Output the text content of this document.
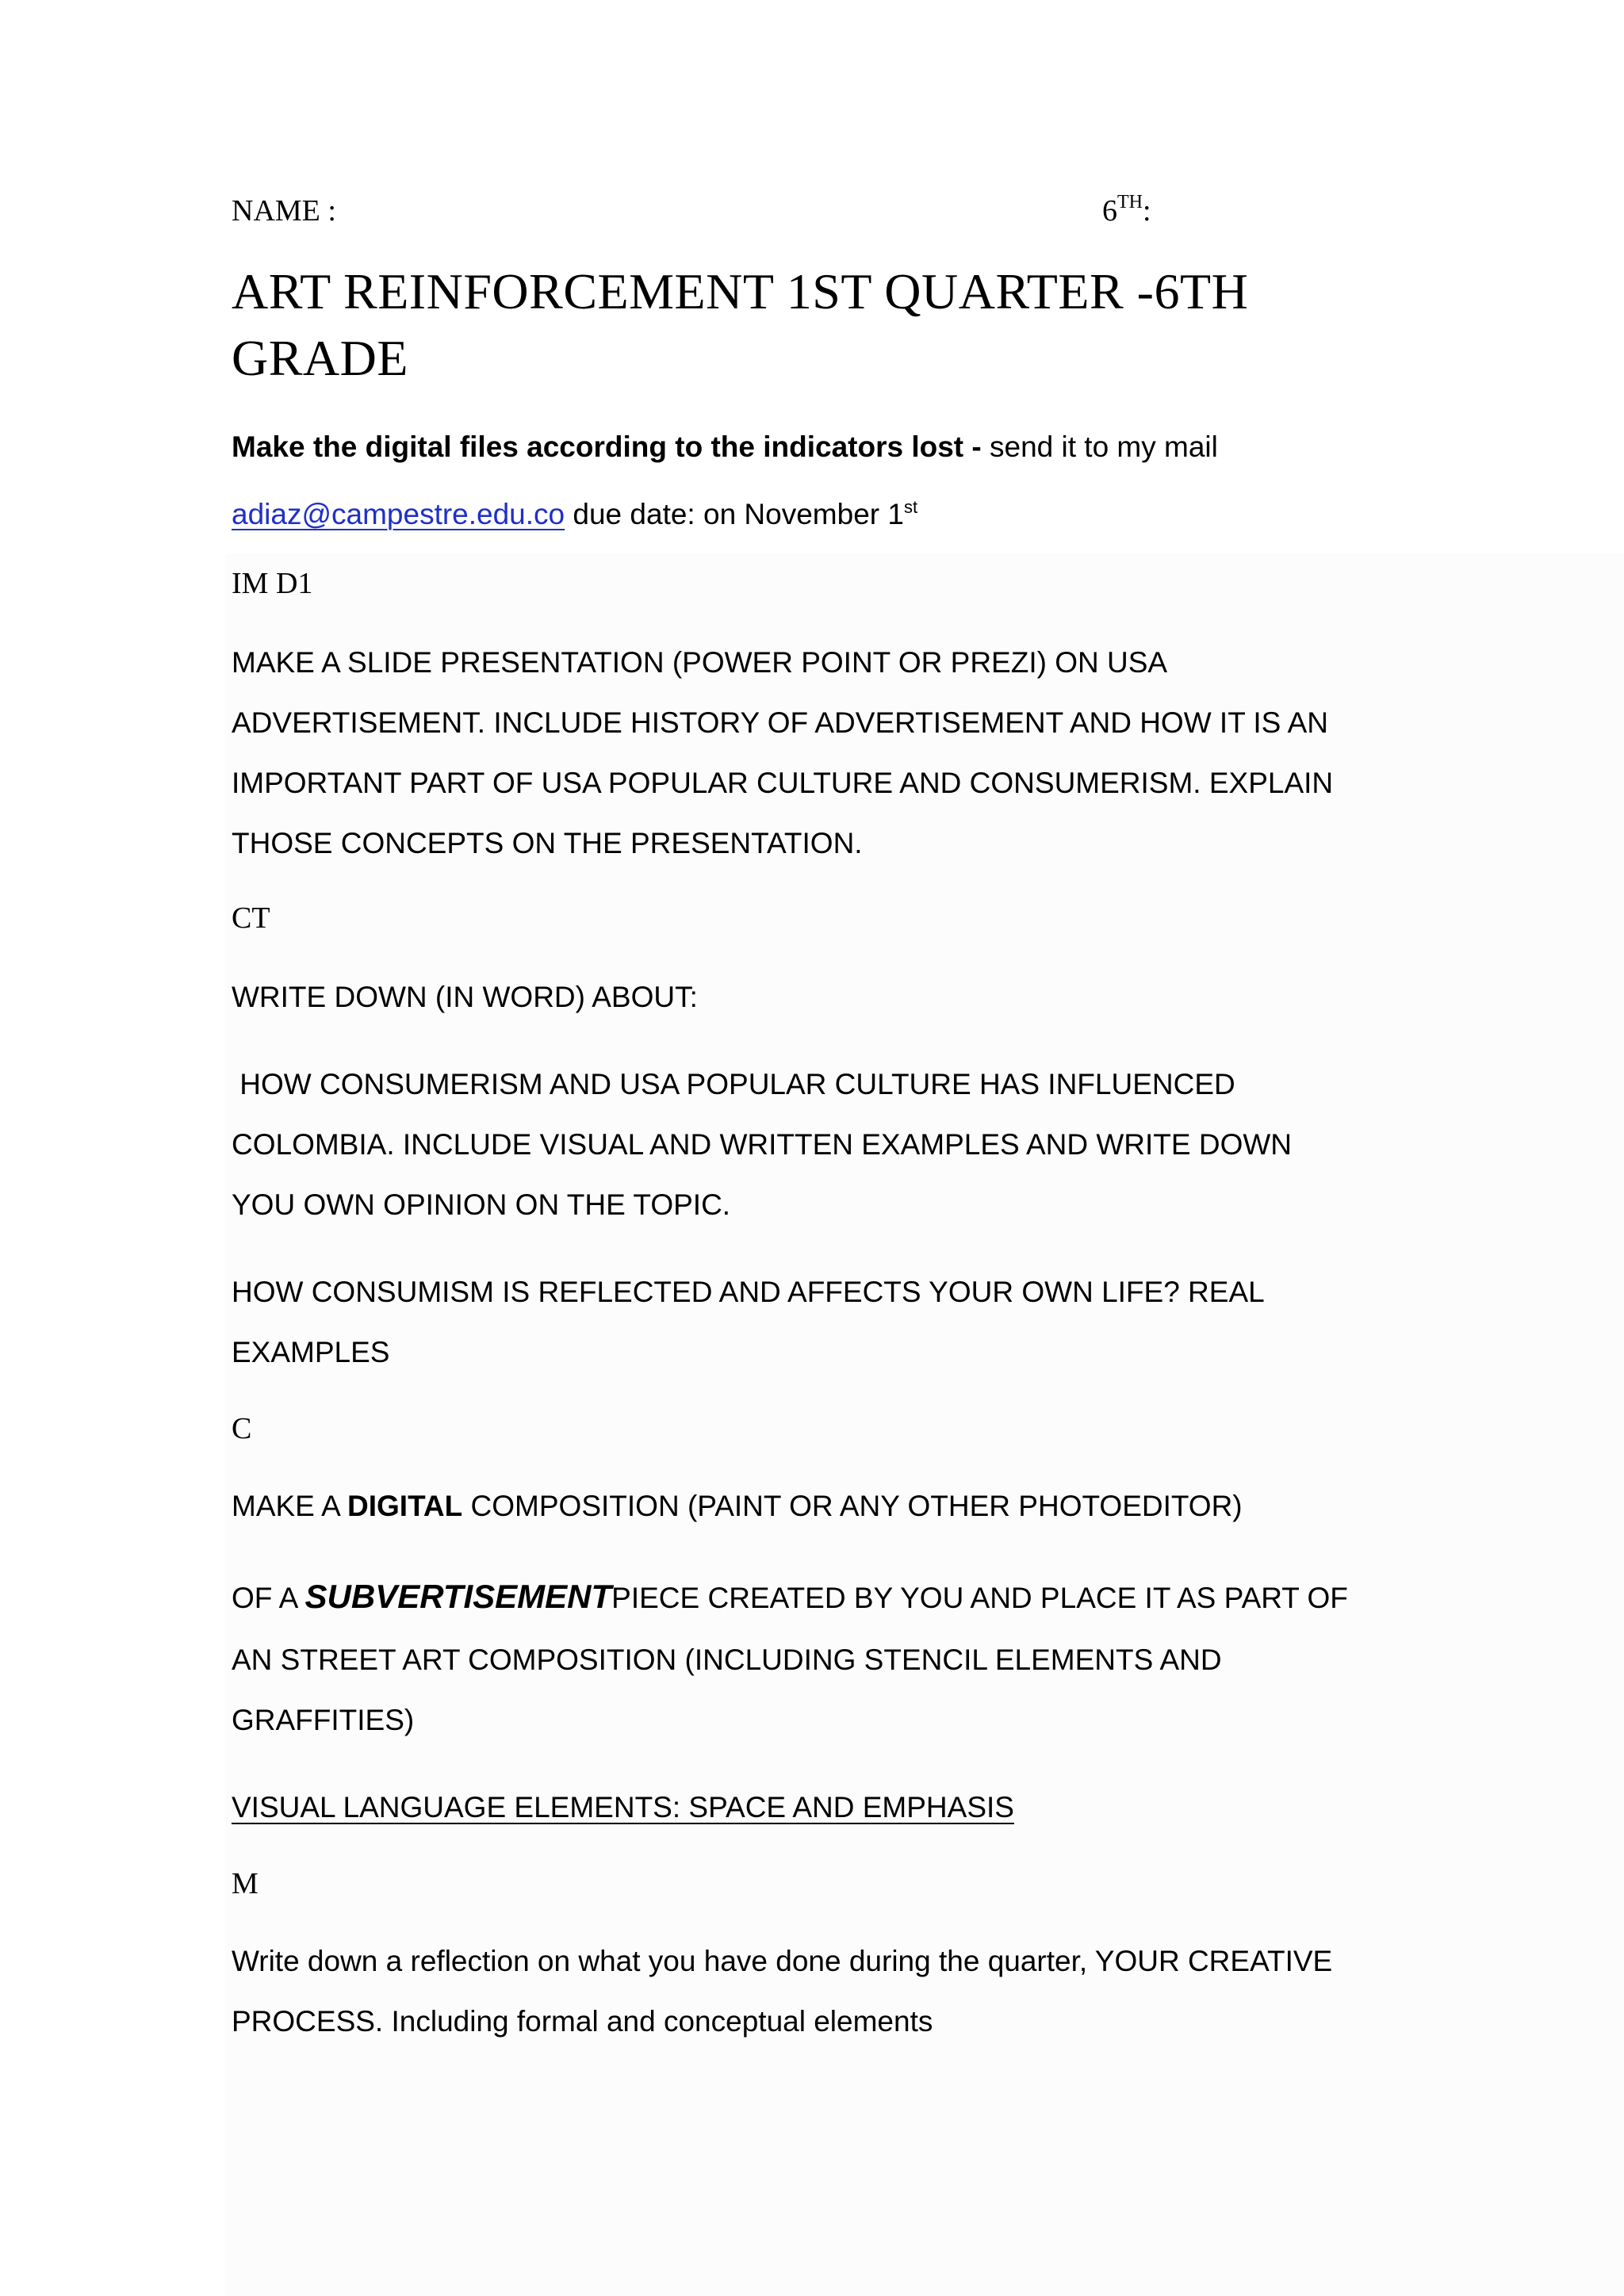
NAME :	6TH:
ART REINFORCEMENT 1ST QUARTER -6TH GRADE
Make the digital files according to the indicators lost - send it to my mail
adiaz@campestre.edu.co due date: on November 1st
IM D1
MAKE A SLIDE PRESENTATION (POWER POINT OR PREZI) ON USA
ADVERTISEMENT. INCLUDE HISTORY OF ADVERTISEMENT AND HOW IT IS AN
IMPORTANT PART OF USA POPULAR CULTURE AND CONSUMERISM. EXPLAIN
THOSE CONCEPTS ON THE PRESENTATION.
CT
WRITE DOWN (IN WORD) ABOUT:
HOW CONSUMERISM AND USA POPULAR CULTURE HAS INFLUENCED
COLOMBIA. INCLUDE VISUAL AND WRITTEN EXAMPLES AND WRITE DOWN
YOU OWN OPINION ON THE TOPIC.
HOW CONSUMISM IS REFLECTED AND AFFECTS YOUR OWN LIFE? REAL
EXAMPLES
C
MAKE A DIGITAL COMPOSITION (PAINT OR ANY OTHER PHOTOEDITOR)
OF A SUBVERTISEMENTPIECE CREATED BY YOU AND PLACE IT AS PART OF
AN STREET ART COMPOSITION (INCLUDING STENCIL ELEMENTS AND
GRAFFITIES)
VISUAL LANGUAGE ELEMENTS: SPACE AND EMPHASIS
M
Write down a reflection on what you have done during the quarter, YOUR CREATIVE
PROCESS. Including formal and conceptual elements
